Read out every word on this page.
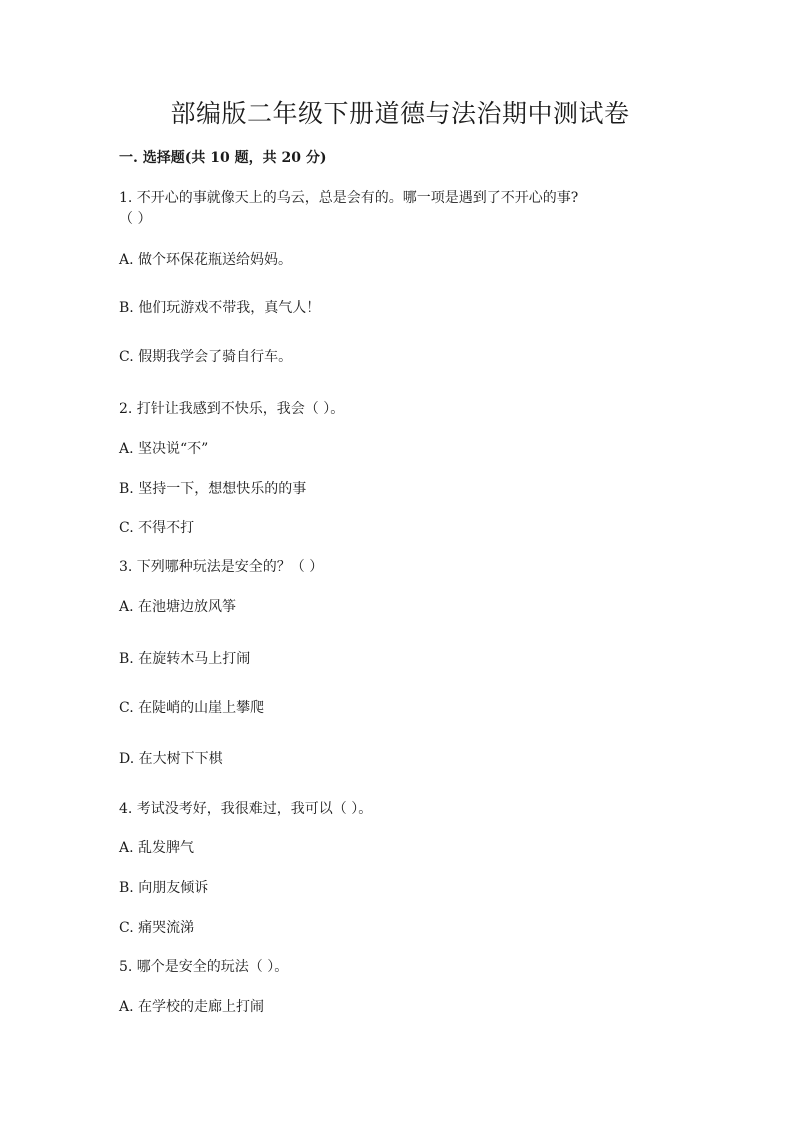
部编版二年级下册道德与法治期中测试卷
一. 选择题(共 10 题，共 20 分)
1. 不开心的事就像天上的乌云，总是会有的。哪一项是遇到了不开心的事?
（ ）
A. 做个环保花瓶送给妈妈。
B. 他们玩游戏不带我，真气人！
C. 假期我学会了骑自行车。
2. 打针让我感到不快乐，我会（ ）。
A. 坚决说“不”
B. 坚持一下，想想快乐的的事
C. 不得不打
3. 下列哪种玩法是安全的？（ ）
A. 在池塘边放风筝
B. 在旋转木马上打闹
C. 在陡峭的山崖上攀爬
D. 在大树下下棋
4. 考试没考好，我很难过，我可以（ ）。
A. 乱发脾气
B. 向朋友倾诉
C. 痛哭流涕
5. 哪个是安全的玩法（ ）。
A. 在学校的走廊上打闹
